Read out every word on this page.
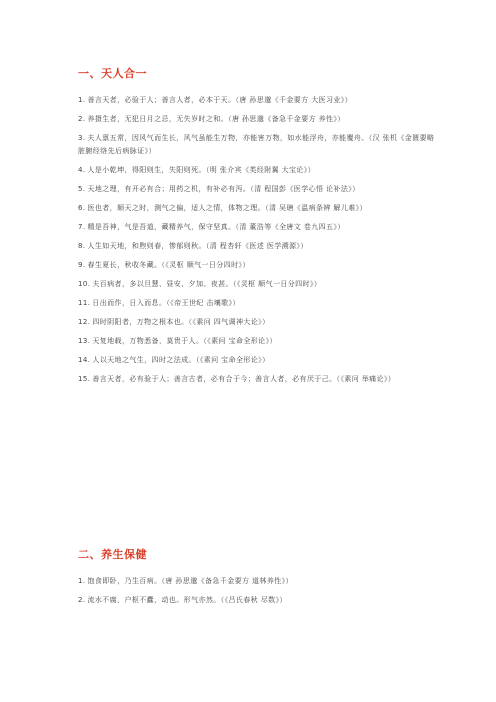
一、天人合一
1. 善言天者，必验于人；善言人者，必本于天。（唐 孙思邈《千金要方 大医习业》）
2. 养摄生者，无犯日月之忌，无失岁时之和。（唐 孙思邈《备急千金要方 养性》）
3. 夫人禀五常，因风气而生长，风气虽能生万物，亦能害万物，如水能浮舟，亦能覆舟。（汉 张机《金匮要略 脏腑经络先后病脉证》）
4. 人是小乾坤，得阳则生，失阳则死。（明 张介宾《类经附翼 大宝论》）
5. 天地之理，有开必有合；用药之机，有补必有泻。（清 程国彭《医学心悟 论补法》）
6. 医也者，顺天之时，测气之偏，适人之情，体物之理。（清 吴瑭《温病条辨 解儿难》）
7. 精是吾神，气是吾道，藏精养气，保守坚真。（清 董浩等《全唐文 卷九四五》）
8. 人生如天地，和煦则春，惨郁则秋。（清 程杏轩《医述 医学溯源》）
9. 春生夏长，秋收冬藏。（《灵枢 顺气一日分四时》）
10. 夫百病者，多以旦慧、昼安、夕加、夜甚。（《灵枢 顺气一日分四时》）
11. 日出而作，日入而息。（《帝王世纪 击壤歌》）
12. 四时阴阳者，万物之根本也。（《素问 四气调神大论》）
13. 天复地载，万物悉备，莫贵于人。（《素问 宝命全形论》）
14. 人以天地之气生，四时之法成。（《素问 宝命全形论》）
15. 善言天者，必有验于人；善言古者，必有合于今；善言人者，必有厌于己。（《素问 举痛论》）
二、养生保健
1. 饱食即卧，乃生百病。（唐 孙思邈《备急千金要方 道林养性》）
2. 流水不腐，户枢不蠹，动也。形气亦然。（《吕氏春秋 尽数》）
